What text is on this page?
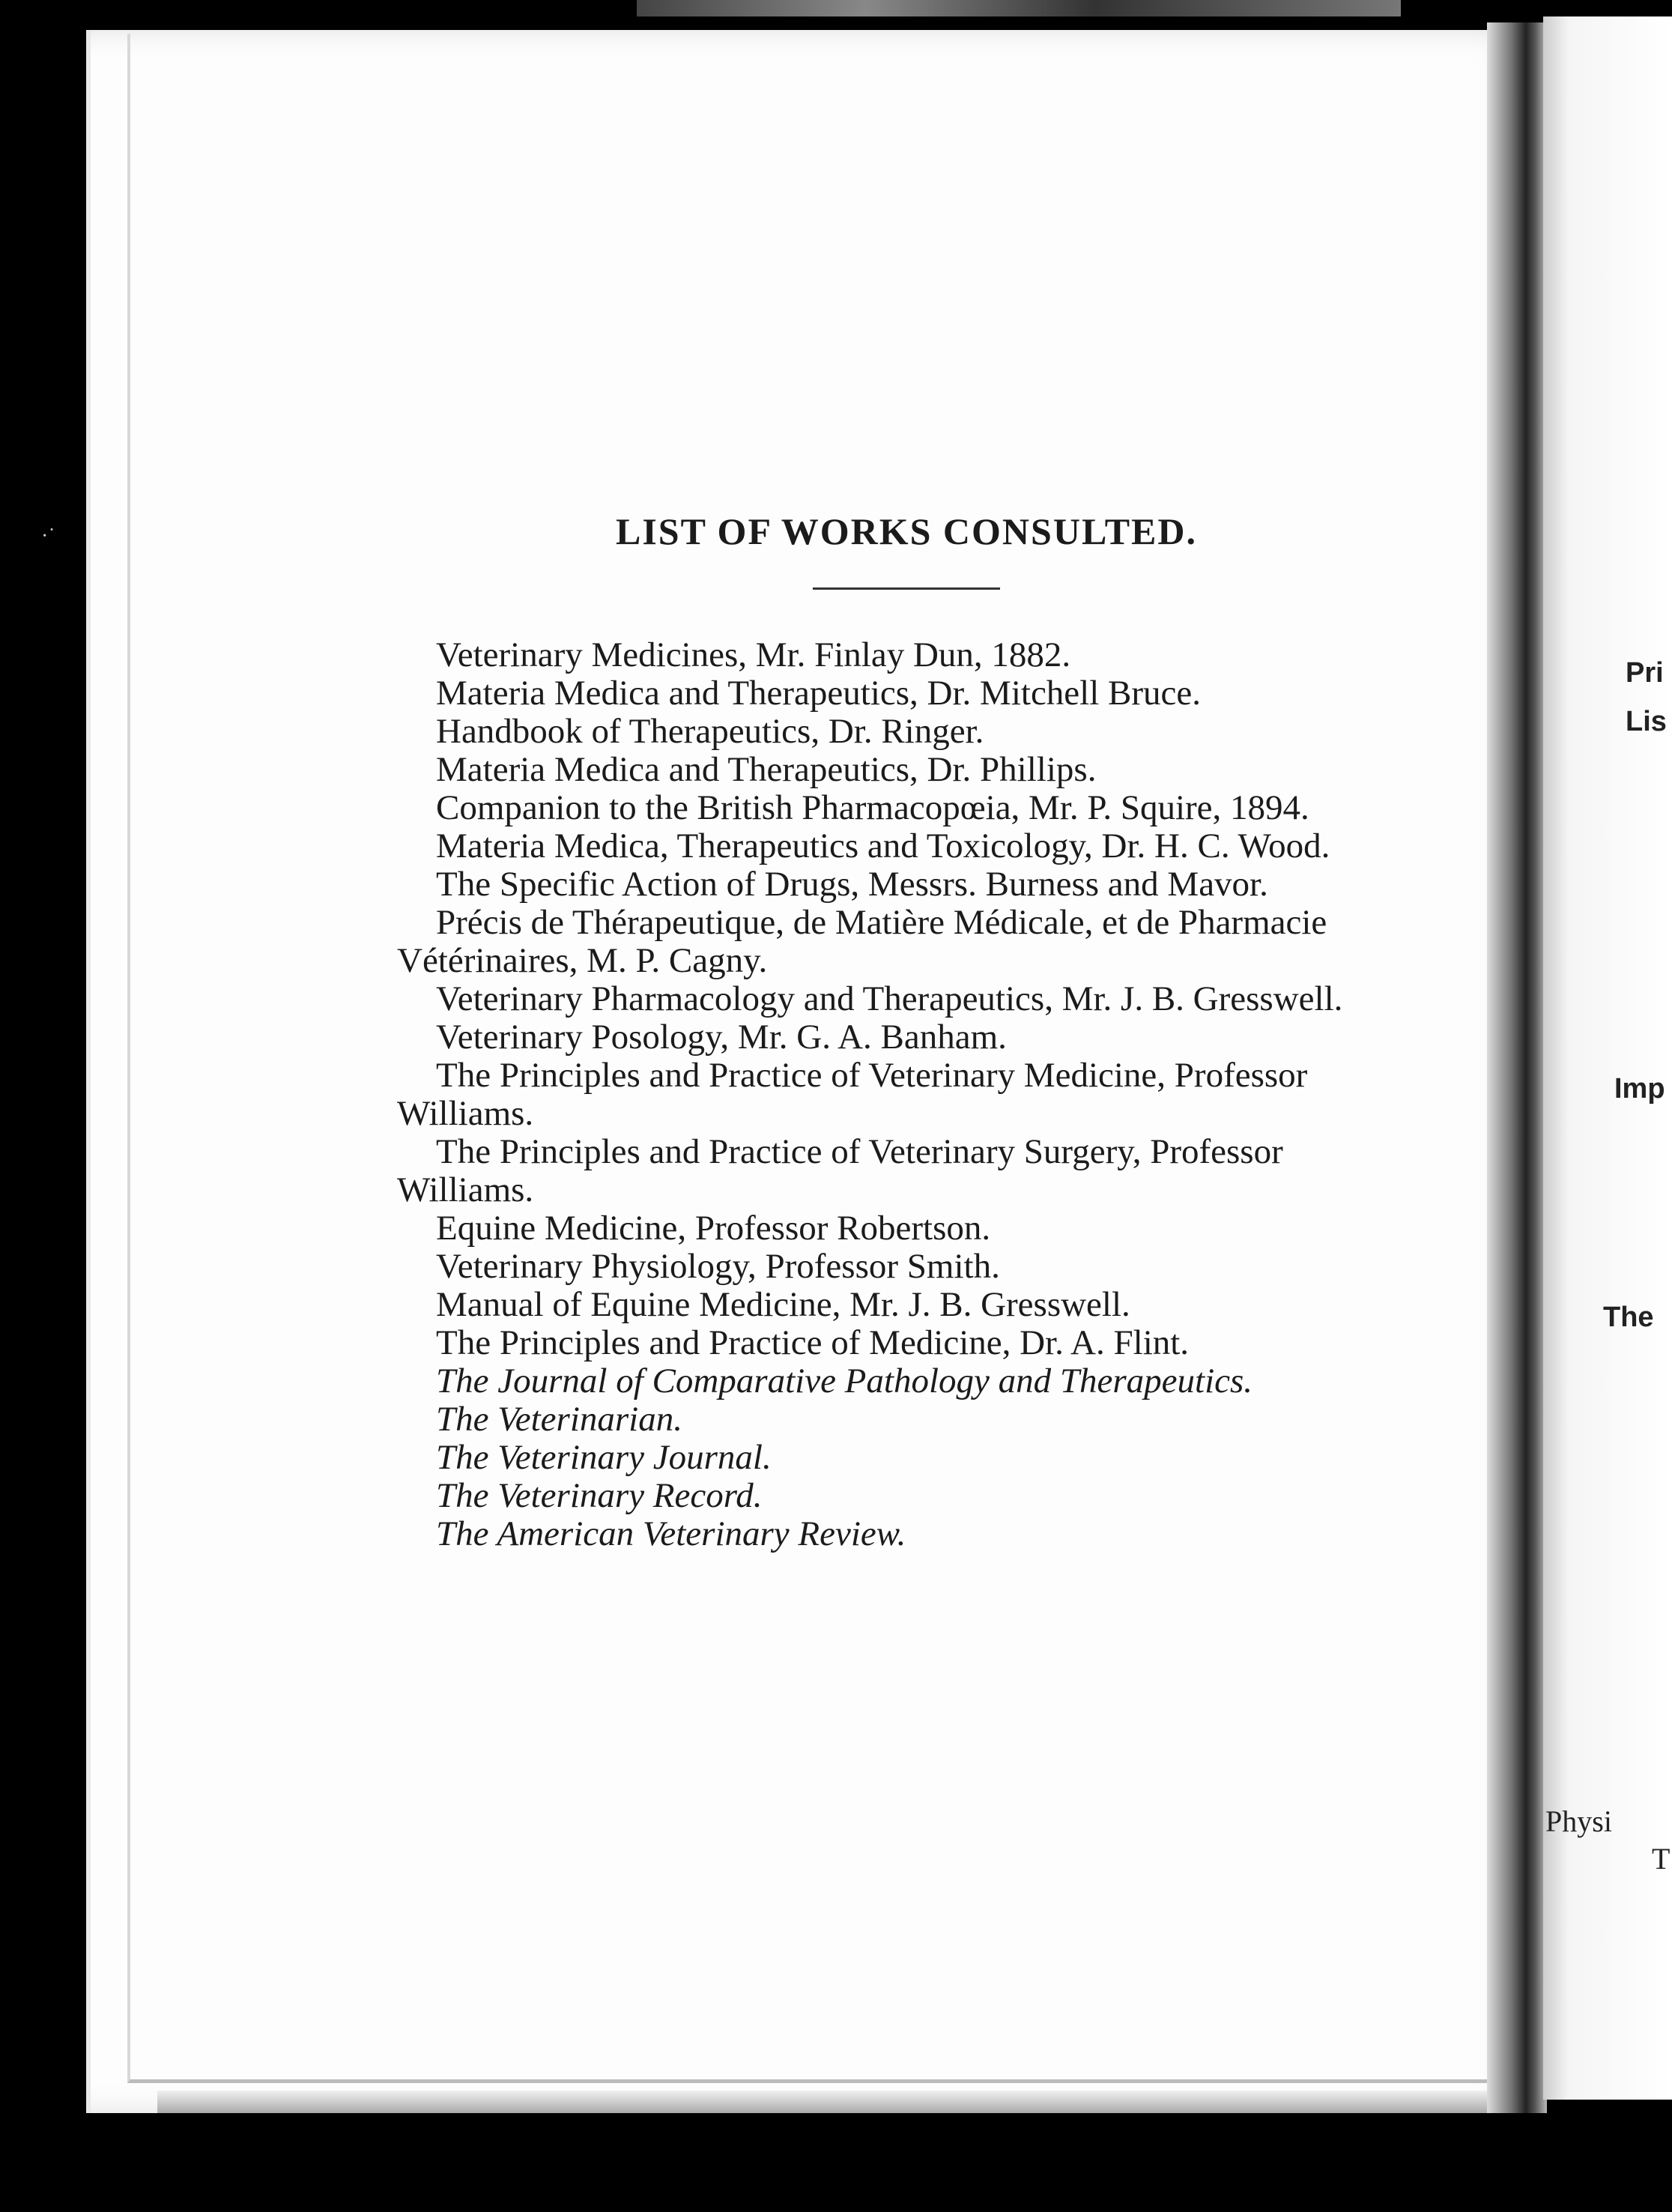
·˙
Pri
Lis
Imp
The
Physi
T
LIST OF WORKS CONSULTED.
Veterinary Medicines, Mr. Finlay Dun, 1882.
Materia Medica and Therapeutics, Dr. Mitchell Bruce.
Handbook of Therapeutics, Dr. Ringer.
Materia Medica and Therapeutics, Dr. Phillips.
Companion to the British Pharmacopœia, Mr. P. Squire, 1894.
Materia Medica, Therapeutics and Toxicology, Dr. H. C. Wood.
The Specific Action of Drugs, Messrs. Burness and Mavor.
Précis de Thérapeutique, de Matière Médicale, et de Pharmacie Vétérinaires, M. P. Cagny.
Veterinary Pharmacology and Therapeutics, Mr. J. B. Gresswell.
Veterinary Posology, Mr. G. A. Banham.
The Principles and Practice of Veterinary Medicine, Professor Williams.
The Principles and Practice of Veterinary Surgery, Professor Williams.
Equine Medicine, Professor Robertson.
Veterinary Physiology, Professor Smith.
Manual of Equine Medicine, Mr. J. B. Gresswell.
The Principles and Practice of Medicine, Dr. A. Flint.
The Journal of Comparative Pathology and Therapeutics.
The Veterinarian.
The Veterinary Journal.
The Veterinary Record.
The American Veterinary Review.
